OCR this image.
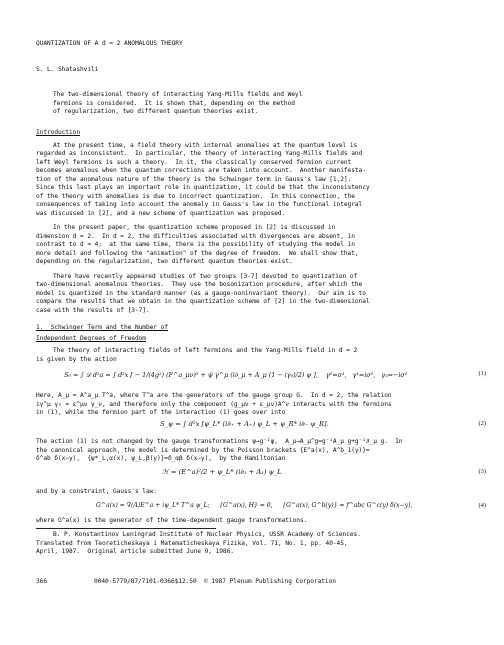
QUANTIZATION OF A d = 2 ANOMALOUS THEORY
S. L. Shatashvili
The two-dimensional theory of interacting Yang-Mills fields and Weyl
fermions is considered.  It is shown that, depending on the method
of regularization, two different quantum theories exist.
Introduction
At the present time, a field theory with internal anomalies at the quantum level is
regarded as inconsistent.  In particular, the theory of interacting Yang-Mills fields and
left Weyl fermions is such a theory.  In it, the classically conserved fermion current
becomes anomalous when the quantum corrections are taken into account.  Another manifesta-
tion of the anomalous nature of the theory is the Schwinger term in Gauss's law [1,2].
Since this last plays an important role in quantization, it could be that the inconsistency
of the theory with anomalies is due to incorrect quantization.  In this connection, the
consequences of taking into account the anomaly in Gauss's law in the functional integral
was discussed in [2], and a new scheme of quantization was proposed.
In the present paper, the quantization scheme proposed in [2] is discussed in
dimension d = 2.  In d = 2, the difficulties associated with divergences are absent, in
contrast to d = 4;  at the same time, there is the possibility of studying the model in
more detail and following the "animation" of the degree of freedom.  We shall show that,
depending on the regularization, two different quantum theories exist.
There have recently appeared studies of two groups [3-7] devoted to quantization of
two-dimensional anomalous theories.  They use the bosonization procedure, after which the
model is quantized in the standard manner (as a gauge-noninvariant theory).  Our aim is to
compare the results that we obtain in the quantization scheme of [2] in the two-dimensional
case with the results of [3-7].
1.  Schwinger Term and the Number of
Independent Degrees of Freedom
The theory of interacting fields of left fermions and the Yang-Mills field in d = 2
is given by the action
S₀ = ∫ 𝒟 d²a = ∫ d²x [ − 1/(4g²) (F^a_μν)² + ψ̄ γ^μ (i∂_μ + A_μ (1 − iγ₅)/2) ψ ],    γ⁰=σ¹,   γ¹=iσ²,   γ₅=−iσ²	(1)
Here, A_μ = A^a_μ T^a, where T^a are the generators of the gauge group G.  In d = 2, the relation
iγ^μ γ₅ = ε^μν γ_ν, and therefore only the component (g_μν + ε_μν)A^ν interacts with the fermions
in (1), while the fermion part of the interaction (1) goes over into
S_ψ = ∫ d²x [ψ_L* (i∂₊ + A₊) ψ_L + ψ_R* i∂₋ ψ_R].	(2)
The action (1) is not changed by the gauge transformations ψ→g⁻¹ψ,  A_μ→A_μ^g=g⁻¹A_μ g+g⁻¹∂_μ g.  In
the canonical approach, the model is determined by the Poisson brackets {E^a(x), A^b_1(y)}=
δ^ab δ(x−y),  {ψ*_L,α(x), ψ_L,β(y)}=δ_αβ δ(x−y),  by the Hamiltonian
ℋ = (E^a)²/2 + ψ_L* (i∂₁ + A₁) ψ_L	(3)
and by a constraint, Gauss's law:
G^a(x) = ∇(A)E^a + iψ_L* T^a ψ_L;     {G^a(x), H} = 0,     {G^a(x), G^b(y)} = f^abc G^c(y) δ(x−y),	(4)
where G^a(x) is the generator of the time-dependent gauge transformations.
B. P. Konstantinov Leningrad Institute of Nuclear Physics, USSR Academy of Sciences.
Translated from Teoreticheskaya i Matematicheskaya Fizika, Vol. 71, No. 1, pp. 40-45,
April, 1987.  Original article submitted June 9, 1986.
366	0040-5779/87/7101-0366$12.50  © 1987 Plenum Publishing Corporation
